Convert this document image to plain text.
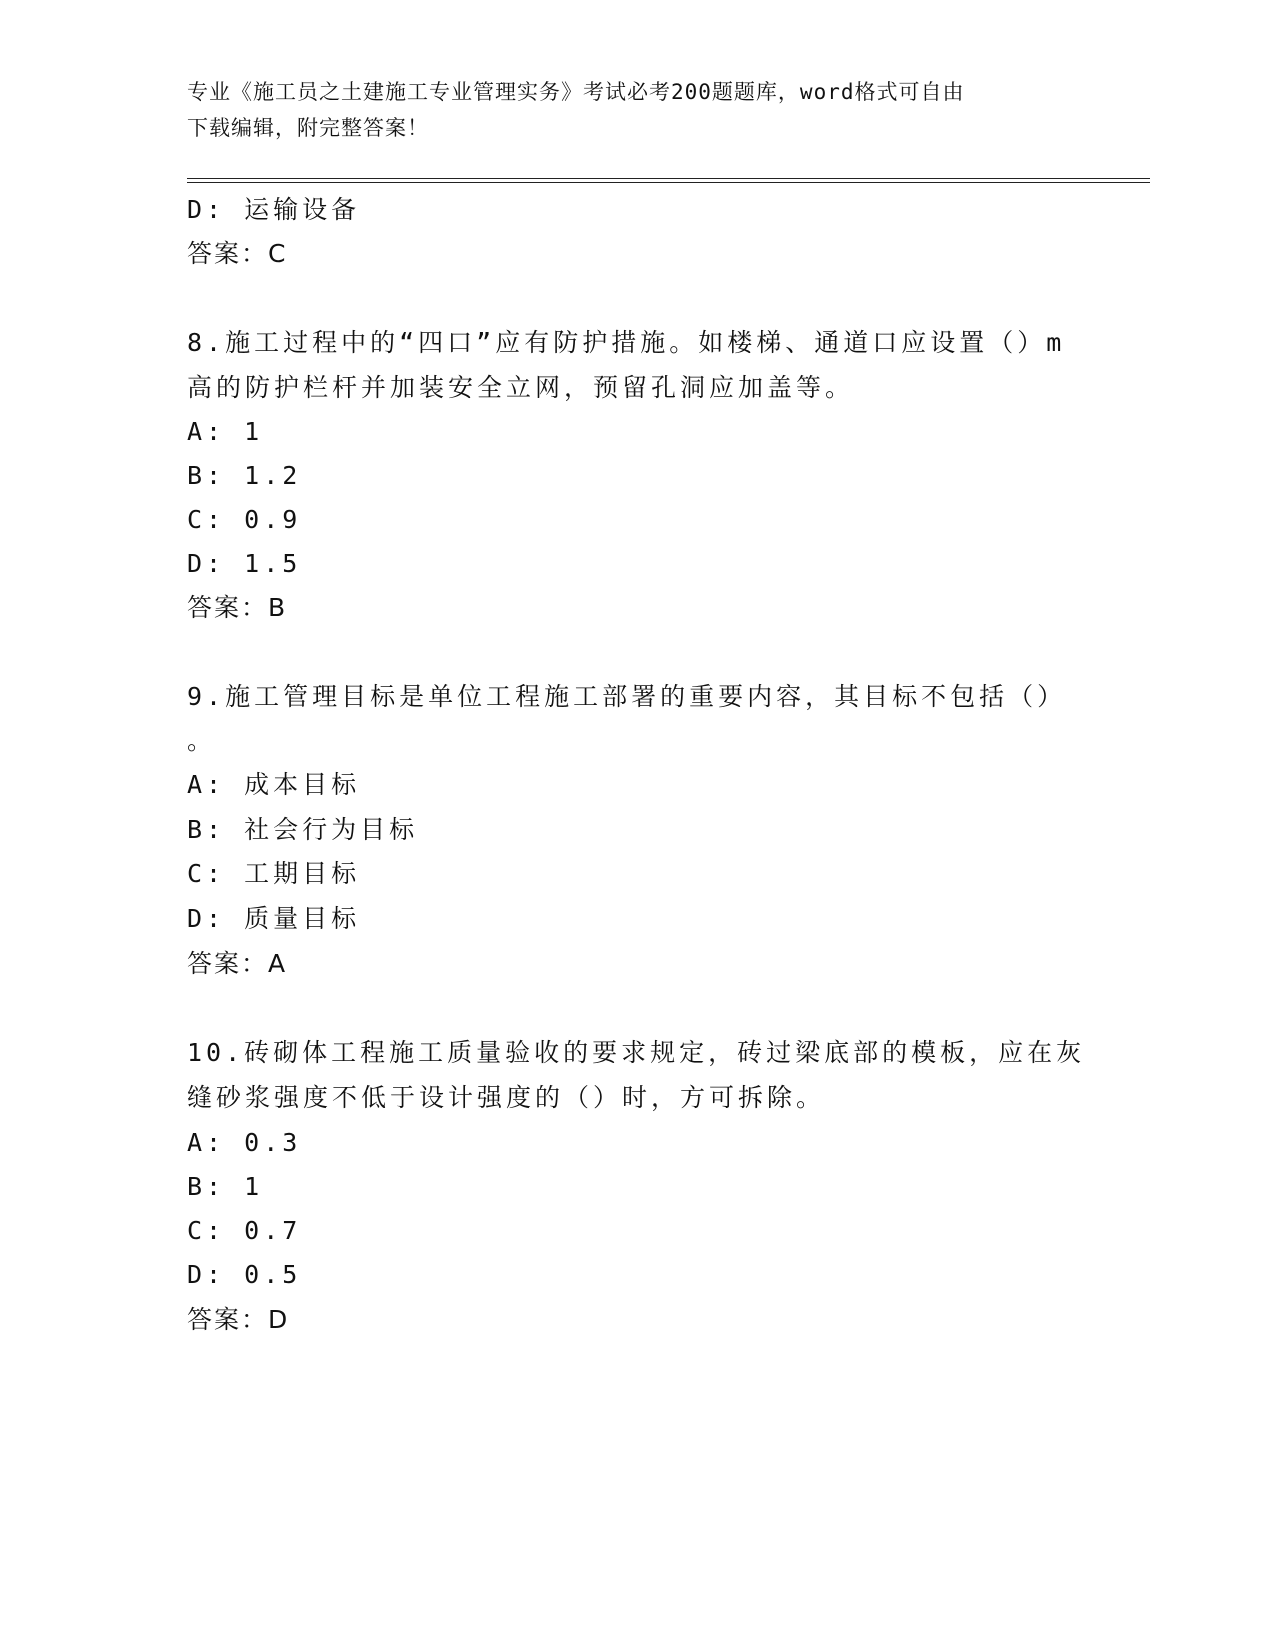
专业《施工员之土建施工专业管理实务》考试必考200题题库，word格式可自由
下载编辑，附完整答案！
D: 运输设备
答案：C
8.施工过程中的“四口”应有防护措施。如楼梯、通道口应设置（）m
高的防护栏杆并加装安全立网，预留孔洞应加盖等。
A: 1
B: 1.2
C: 0.9
D: 1.5
答案：B
9.施工管理目标是单位工程施工部署的重要内容，其目标不包括（）
。
A: 成本目标
B: 社会行为目标
C: 工期目标
D: 质量目标
答案：A
10.砖砌体工程施工质量验收的要求规定，砖过梁底部的模板，应在灰
缝砂浆强度不低于设计强度的（）时，方可拆除。
A: 0.3
B: 1
C: 0.7
D: 0.5
答案：D
